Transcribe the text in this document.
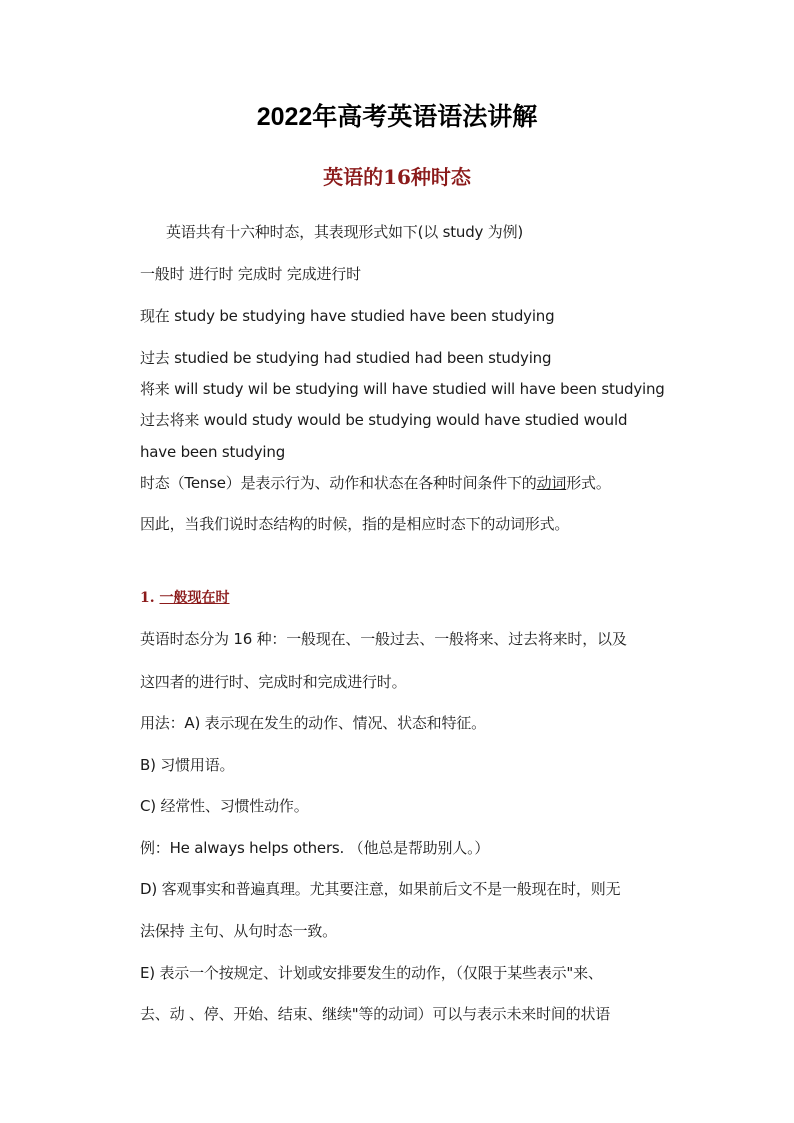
2022年高考英语语法讲解
英语的16种时态
英语共有十六种时态，其表现形式如下(以 study 为例)
一般时 进行时 完成时 完成进行时
现在 study be studying have studied have been studying
过去 studied be studying had studied had been studying
将来 will study wil be studying will have studied will have been studying
过去将来 would study would be studying would have studied would
have been studying
时态（Tense）是表示行为、动作和状态在各种时间条件下的动词形式。
因此，当我们说时态结构的时候，指的是相应时态下的动词形式。
1. 一般现在时
英语时态分为 16 种：一般现在、一般过去、一般将来、过去将来时，以及
这四者的进行时、完成时和完成进行时。
用法：A) 表示现在发生的动作、情况、状态和特征。
B) 习惯用语。
C) 经常性、习惯性动作。
例：He always helps others. （他总是帮助别人。）
D) 客观事实和普遍真理。尤其要注意，如果前后文不是一般现在时，则无
法保持 主句、从句时态一致。
E) 表示一个按规定、计划或安排要发生的动作，（仅限于某些表示"来、
去、动 、停、开始、结束、继续"等的动词）可以与表示未来时间的状语
